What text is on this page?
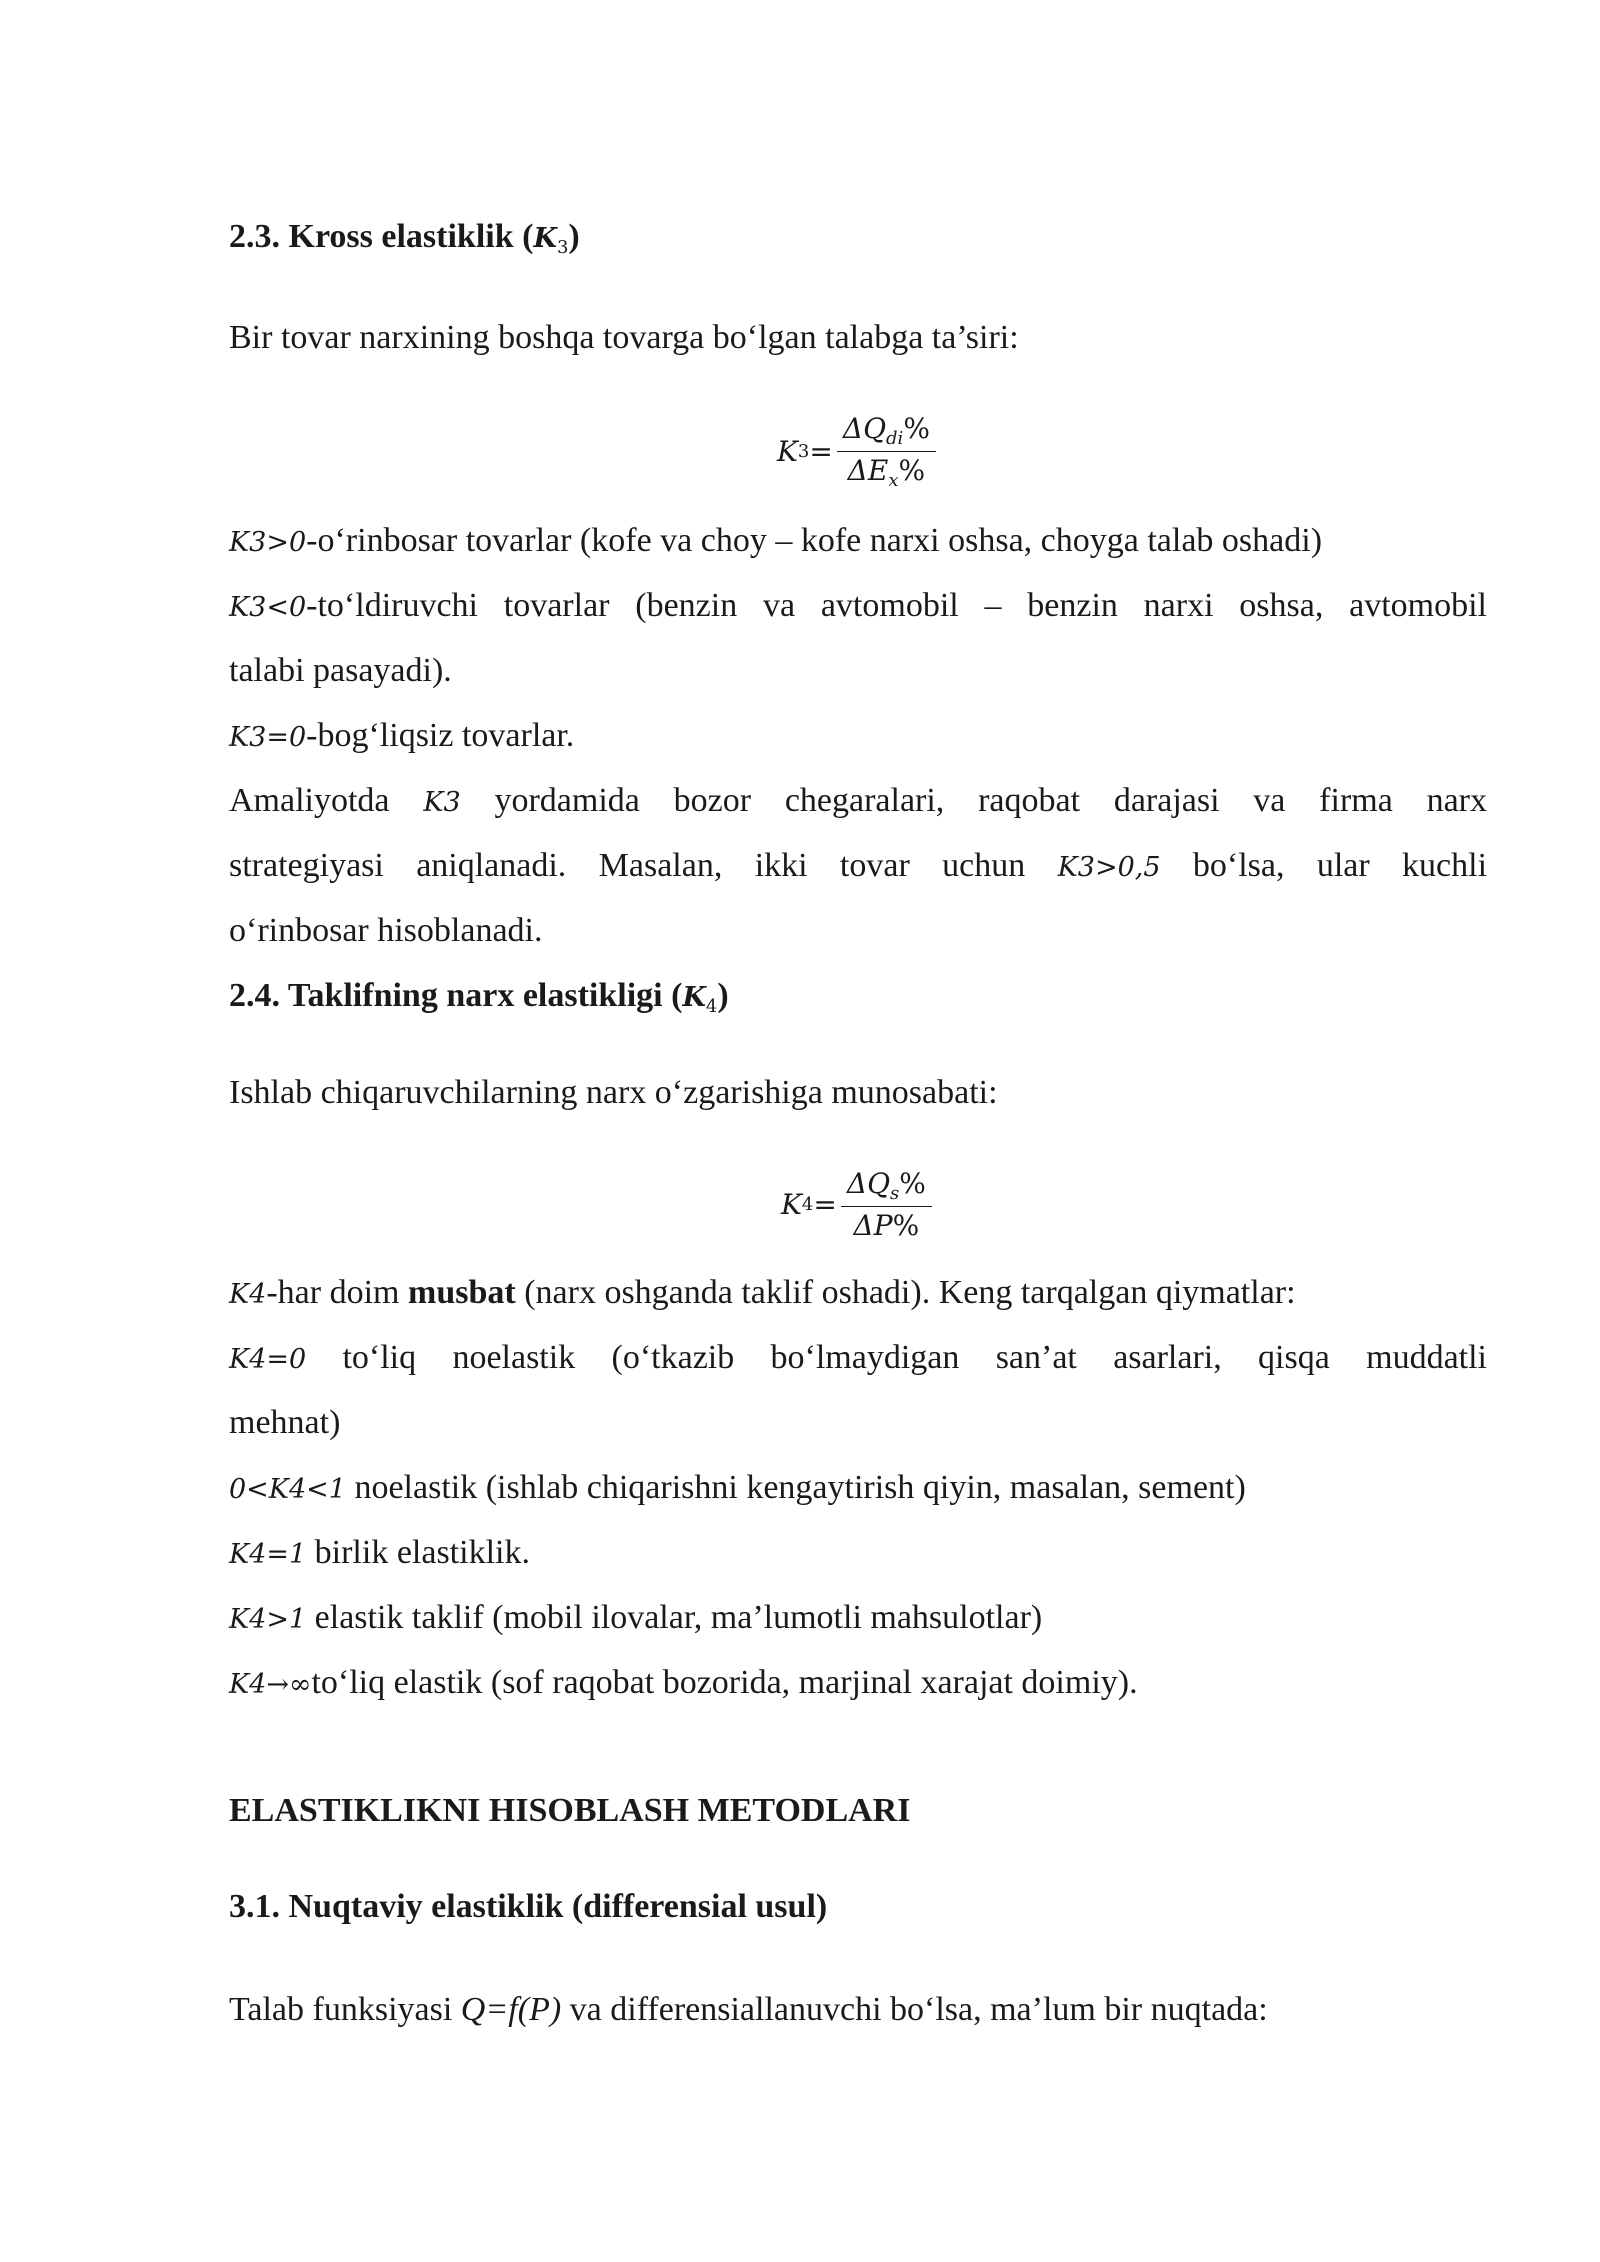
2.3. Kross elastiklik $(K_3)$
Bir tovar narxining boshqa tovarga bo‘lgan talabga ta’siri:
K $3 = \frac{\Delta Q_{di}\%}{\Delta E_x\%}$
K3>0-o‘rinbosar tovarlar (kofe va choy – kofe narxi oshsa, choyga talab oshadi)
K3<0-to‘ldiruvchi tovarlar (benzin va avtomobil – benzin narxi oshsa, avtomobil
talabi pasayadi).
K3=0-bog‘liqsiz tovarlar.
Amaliyotda K3 yordamida bozor chegaralari, raqobat darajasi va firma narx
strategiyasi aniqlanadi. Masalan, ikki tovar uchun K3>0,5 bo‘lsa, ular kuchli
o‘rinbosar hisoblanadi.
2.4. Taklifning narx elastikligi $(K_4)$
Ishlab chiqaruvchilarning narx o‘zgarishiga munosabati:
K $4 = \frac{\Delta Q_s\%}{\Delta P\%}$
K4-har doim musbat (narx oshganda taklif oshadi). Keng tarqalgan qiymatlar:
K4=0 to‘liq noelastik (o‘tkazib bo‘lmaydigan san’at asarlari, qisqa muddatli
mehnat)
0<K4<1 noelastik (ishlab chiqarishni kengaytirish qiyin, masalan, sement)
K4=1 birlik elastiklik.
K4>1 elastik taklif (mobil ilovalar, ma’lumotli mahsulotlar)
K4→∞to‘liq elastik (sof raqobat bozorida, marjinal xarajat doimiy).
ELASTIKLIKNI HISOBLASH METODLARI
3.1. Nuqtaviy elastiklik (differensial usul)
Talab funksiyasi Q=f(P) va differensiallanuvchi bo‘lsa, ma’lum bir nuqtada:
